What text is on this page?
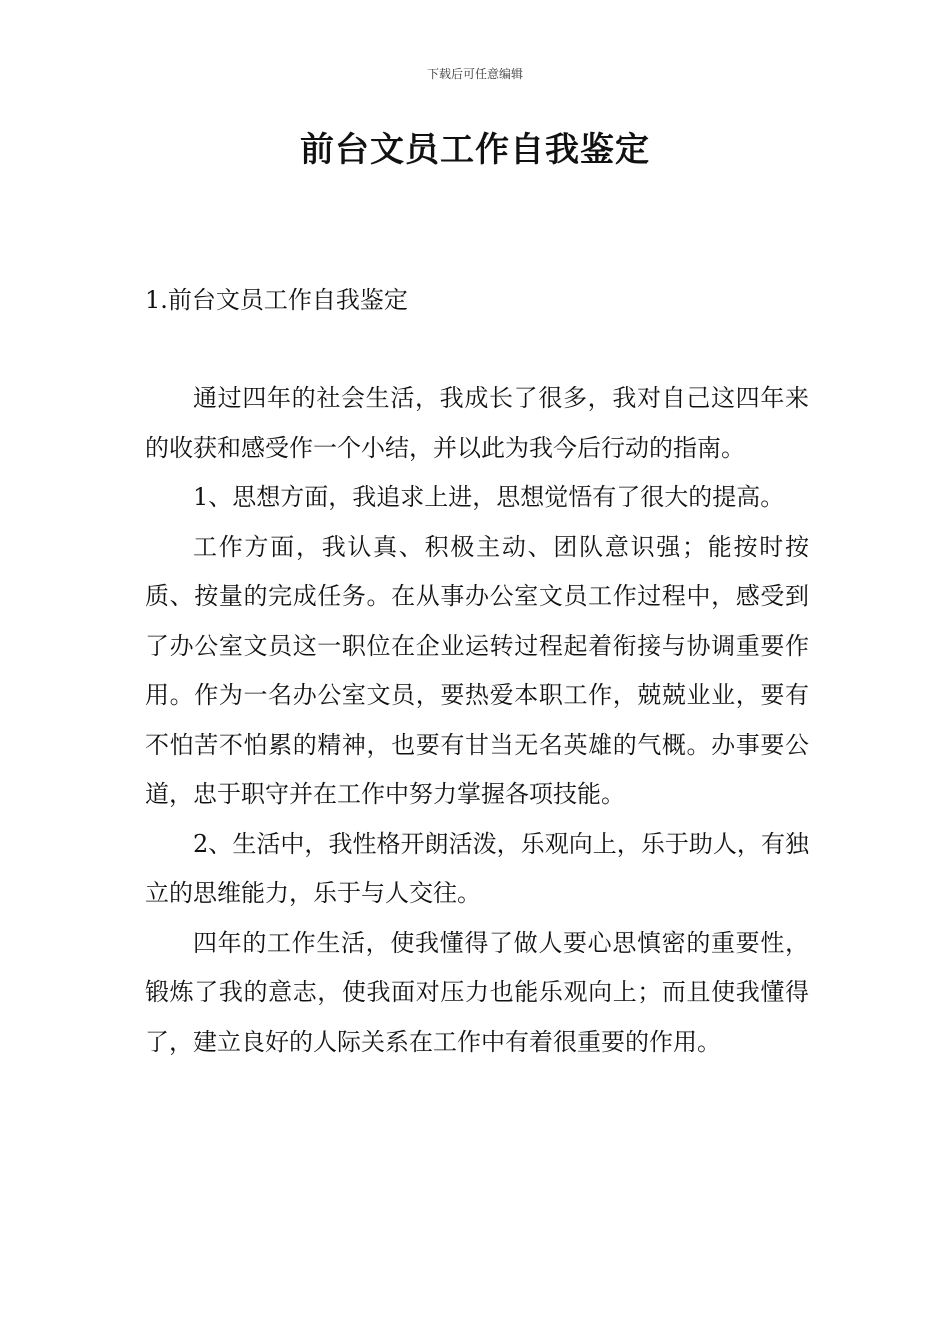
下载后可任意编辑
前台文员工作自我鉴定
1.前台文员工作自我鉴定

通过四年的社会生活，我成长了很多，我对自己这四年来的收获和感受作一个小结，并以此为我今后行动的指南。

1、思想方面，我追求上进，思想觉悟有了很大的提高。

工作方面，我认真、积极主动、团队意识强；能按时按质、按量的完成任务。在从事办公室文员工作过程中，感受到了办公室文员这一职位在企业运转过程起着衔接与协调重要作用。作为一名办公室文员，要热爱本职工作，兢兢业业，要有不怕苦不怕累的精神，也要有甘当无名英雄的气概。办事要公道，忠于职守并在工作中努力掌握各项技能。

2、生活中，我性格开朗活泼，乐观向上，乐于助人，有独立的思维能力，乐于与人交往。

四年的工作生活，使我懂得了做人要心思慎密的重要性，锻炼了我的意志，使我面对压力也能乐观向上；而且使我懂得了，建立良好的人际关系在工作中有着很重要的作用。
